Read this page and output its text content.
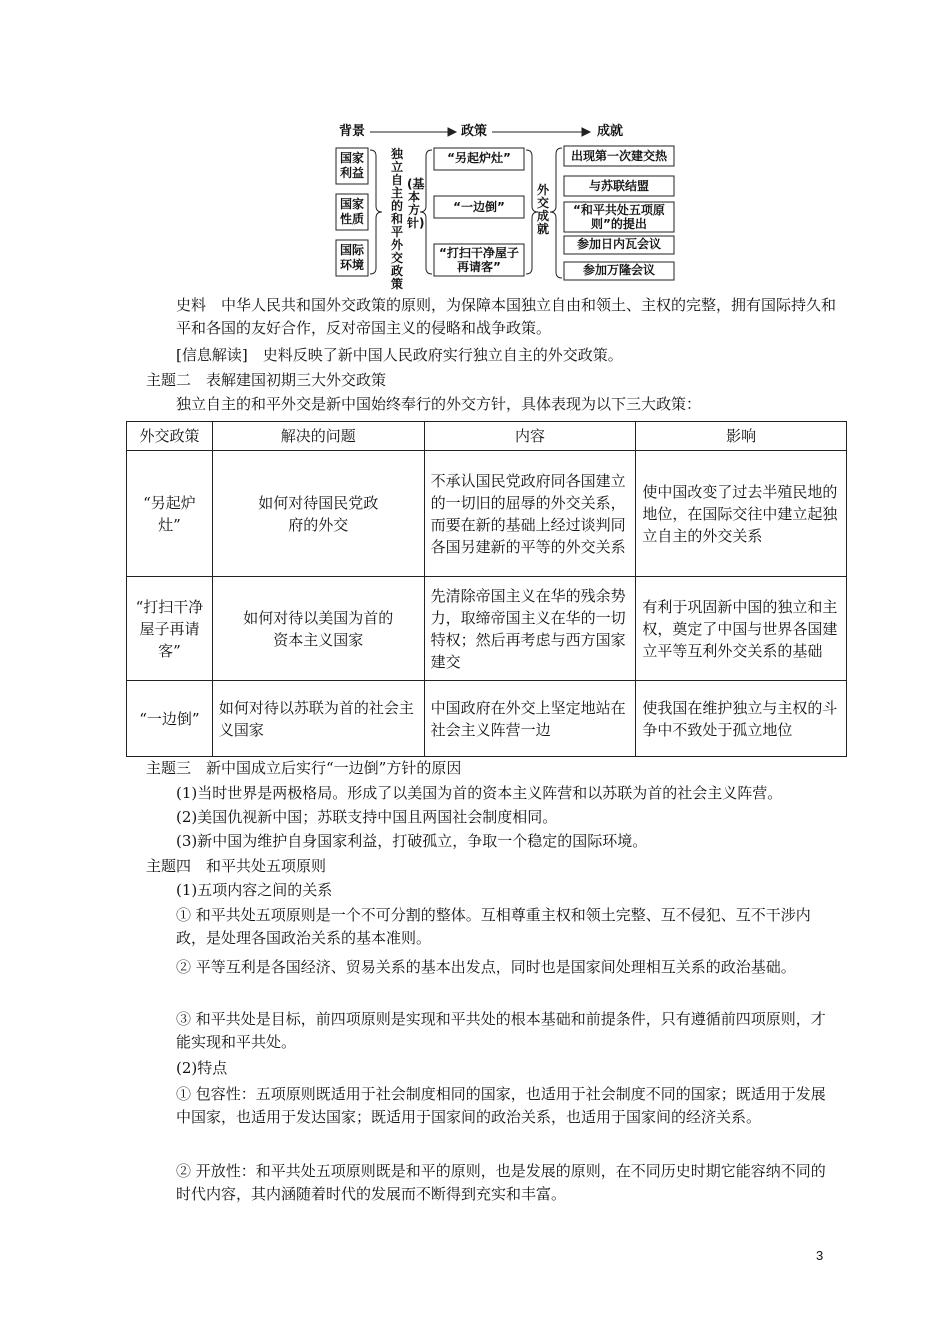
背景	政策	成就
国家利益
国家性质
国际环境
独立自主的和平外交政策
(基本方针)
“另起炉灶”
“一边倒”
“打扫干净屋子再请客”
外交成就
出现第一次建交热
与苏联结盟
“和平共处五项原则”的提出
参加日内瓦会议
参加万隆会议
史料　 中华人民共和国外交政策的原则，为保障本国独立自由和领土、主权的完整，拥有国际持久和平和各国的友好合作，反对帝国主义的侵略和战争政策。
[信息解读]　 史料反映了新中国人民政府实行独立自主的外交政策。
主题二　表解建国初期三大外交政策
独立自主的和平外交是新中国始终奉行的外交方针，具体表现为以下三大政策：
外交政策	解决的问题	内容	影响
“另起炉灶”	如何对待国民党政府的外交	不承认国民党政府同各国建立的一切旧的屈辱的外交关系，而要在新的基础上经过谈判同各国另建新的平等的外交关系	使中国改变了过去半殖民地的地位，在国际交往中建立起独立自主的外交关系
“打扫干净屋子再请客”	如何对待以美国为首的资本主义国家	先清除帝国主义在华的残余势力，取缔帝国主义在华的一切特权；然后再考虑与西方国家建交	有利于巩固新中国的独立和主权，奠定了中国与世界各国建立平等互利外交关系的基础
“一边倒”	如何对待以苏联为首的社会主义国家	中国政府在外交上坚定地站在社会主义阵营一边	使我国在维护独立与主权的斗争中不致处于孤立地位
主题三　新中国成立后实行“一边倒”方针的原因
(1)当时世界是两极格局。形成了以美国为首的资本主义阵营和以苏联为首的社会主义阵营。
(2)美国仇视新中国；苏联支持中国且两国社会制度相同。
(3)新中国为维护自身国家利益，打破孤立，争取一个稳定的国际环境。
主题四　和平共处五项原则
(1)五项内容之间的关系
① 和平共处五项原则是一个不可分割的整体。互相尊重主权和领土完整、互不侵犯、互不干涉内政，是处理各国政治关系的基本准则。
② 平等互利是各国经济、贸易关系的基本出发点，同时也是国家间处理相互关系的政治基础。
③ 和平共处是目标，前四项原则是实现和平共处的根本基础和前提条件，只有遵循前四项原则，才能实现和平共处。
(2)特点
① 包容性：五项原则既适用于社会制度相同的国家，也适用于社会制度不同的国家；既适用于发展中国家，也适用于发达国家；既适用于国家间的政治关系，也适用于国家间的经济关系。
② 开放性：和平共处五项原则既是和平的原则，也是发展的原则，在不同历史时期它能容纳不同的时代内容，其内涵随着时代的发展而不断得到充实和丰富。
3
